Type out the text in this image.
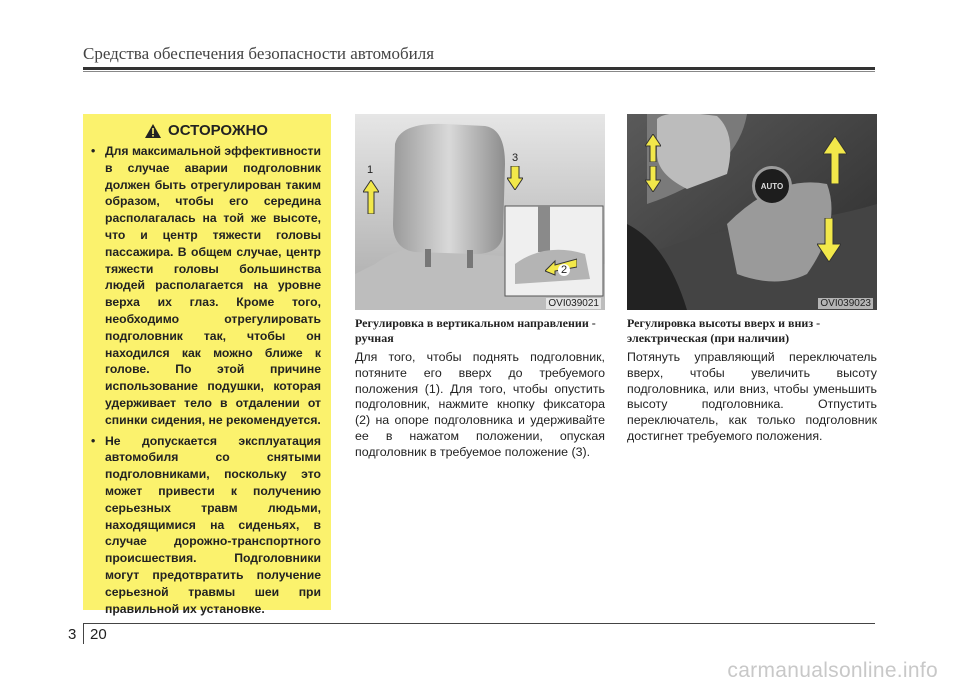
Средства обеспечения безопасности автомобиля
ОСТОРОЖНО
• Для максимальной эффективности в случае аварии подголовник должен быть отрегулирован таким образом, чтобы его середина располагалась на той же высоте, что и центр тяжести головы пассажира. В общем случае, центр тяжести головы большинства людей располагается на уровне верха их глаз. Кроме того, необходимо отрегулировать подголовник так, чтобы он находился как можно ближе к голове. По этой причине использование подушки, которая удерживает тело в отдалении от спинки сидения, не рекомендуется.
• Не допускается эксплуатация автомобиля со снятыми подголовниками, поскольку это может привести к получению серьезных травм людьми, находящимися на сиденьях, в случае дорожно-транспортного происшествия. Подголовники могут предотвратить получение серьезной травмы шеи при правильной их установке.
1
3
2
OVI039021
AUTO
OVI039023

Регулировка в вертикальном направлении - ручная

Для того, чтобы поднять подголовник, потяните его вверх до требуемого положения (1). Для того, чтобы опустить подголовник, нажмите кнопку фиксатора (2) на опоре подголовника и удерживайте ее в нажатом положении, опуская подголовник в требуемое положение (3).

Регулировка высоты вверх и вниз - электрическая (при наличии)

Потянуть управляющий переключатель вверх, чтобы увеличить высоту подголовника, или вниз, чтобы уменьшить высоту подголовника. Отпустить переключатель, как только подголовник достигнет требуемого положения.

3 20
carmanualsonline.info
